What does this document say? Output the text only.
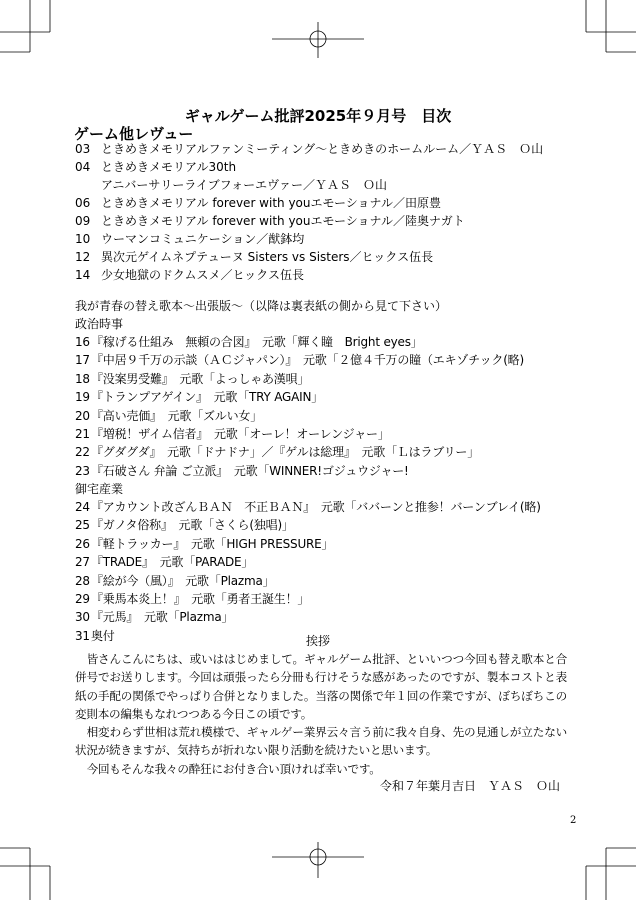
ギャルゲーム批評2025年９月号　目次
ゲーム他レヴュー
03 ときめきメモリアルファンミーティング〜ときめきのホームルーム／ＹＡＳ　Ｏ山
04 ときめきメモリアル30th
アニバーサリーライブフォーエヴァー／ＹＡＳ　Ｏ山
06 ときめきメモリアル forever with youエモーショナル／田原豊
09 ときめきメモリアル forever with youエモーショナル／陸奥ナガト
10 ウーマンコミュニケーション／猷鉢均
12 異次元ゲイムネプテューヌ Sisters vs Sisters／ヒックス伍長
14 少女地獄のドクムスメ／ヒックス伍長
我が青春の替え歌本〜出張版〜（以降は裏表紙の側から見て下さい）
政治時事
16『稼げる仕組み　無頼の合図』　元歌「輝く瞳　Bright eyes」
17『中居９千万の示談（ＡＣジャパン）』　元歌「２億４千万の瞳（エキゾチック(略)
18『没案男受難』　元歌「よっしゃあ漢唄」
19『トランプアゲイン』　元歌「TRY AGAIN」
20『高い売価』　元歌「ズルい女」
21『増税！ザイム信者』　元歌「オーレ！オーレンジャー」
22『グダグダ』　元歌「ドナドナ」／『ゲルは総理』　元歌「Ｌはラブリー」
23『石破さん 弁論 ご立派』　元歌「WINNER!ゴジュウジャー!
御宅産業
24『アカウント改ざんＢＡＮ　不正ＢＡＮ』　元歌「ババーンと推参！バーンブレイ(略)
25『ガノタ俗称』　元歌「さくら(独唱)」
26『軽トラッカー』　元歌「HIGH PRESSURE」
27『TRADE』　元歌「PARADE」
28『絵が今（風）』　元歌「Plazma」
29『乗馬本炎上！』　元歌「勇者王誕生！」
30『元馬』　元歌「Plazma」
31奥付	挨拶

皆さんこんにちは、或いははじめまして。ギャルゲーム批評、といいつつ今回も替え歌本と合併号でお送りします。今回は頑張ったら分冊も行けそうな感があったのですが、製本コストと表紙の手配の関係でやっぱり合併となりました。当落の関係で年１回の作業ですが、ぼちぼちこの変則本の編集もなれつつある今日この頃です。

相変わらず世相は荒れ模様で、ギャルゲー業界云々言う前に我々自身、先の見通しが立たない状況が続きますが、気持ちが折れない限り活動を続けたいと思います。

今回もそんな我々の酔狂にお付き合い頂ければ幸いです。

令和７年葉月吉日　ＹＡＳ　Ｏ山
2
